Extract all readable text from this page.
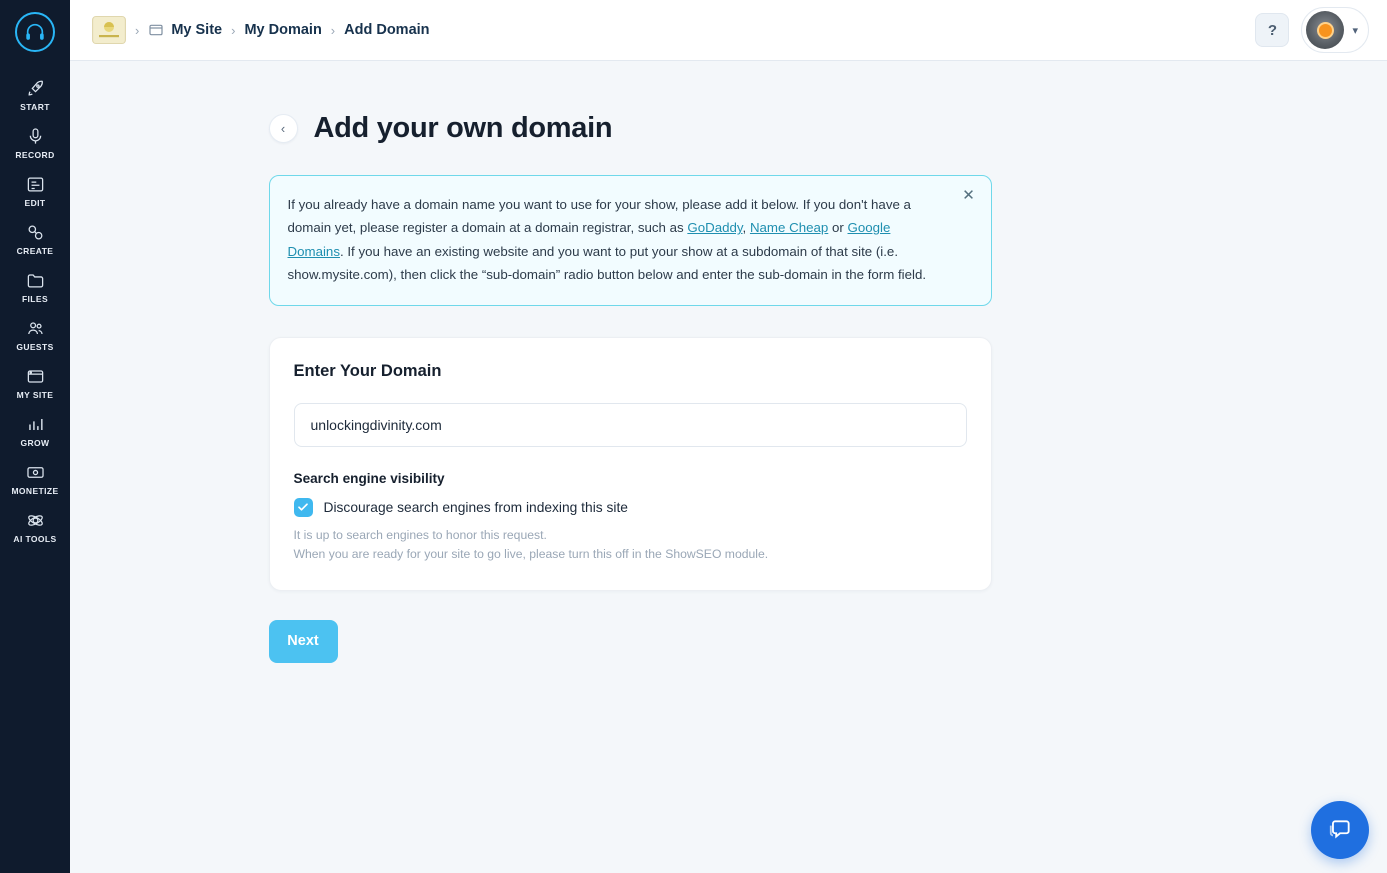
START
RECORD
EDIT
CREATE
FILES
GUESTS
MY SITE
GROW
MONETIZE
AI TOOLS
› My Site › My Domain › Add Domain	?	▾
‹ Add your own domain
✕

If you already have a domain name you want to use for your show, please add it below. If you don't have a domain yet, please register a domain at a domain registrar, such as GoDaddy, Name Cheap or Google Domains. If you have an existing website and you want to put your show at a subdomain of that site (i.e. show.mysite.com), then click the “sub-domain” radio button below and enter the sub-domain in the form field.

Enter Your Domain
unlockingdivinity.com
Search engine visibility
Discourage search engines from indexing this site

It is up to search engines to honor this request.
When you are ready for your site to go live, please turn this off in the ShowSEO module.

Next
